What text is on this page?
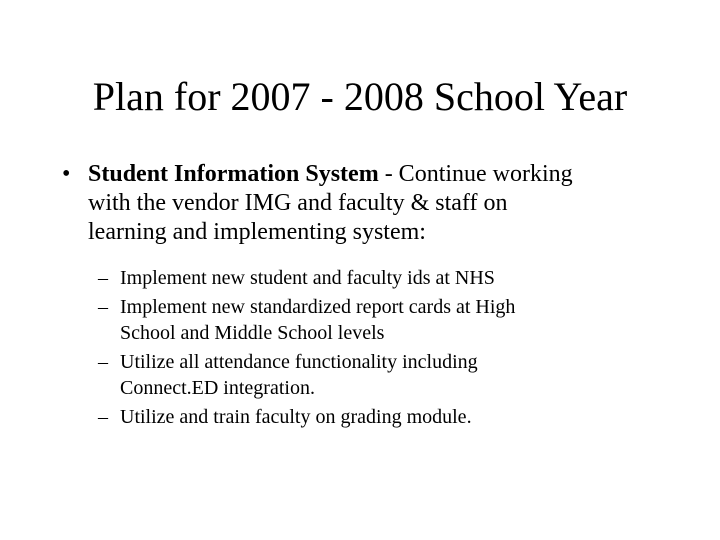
Plan for 2007 - 2008 School Year
• Student Information System - Continue working
with the vendor IMG and faculty & staff on
learning and implementing system:
– Implement new student and faculty ids at NHS
– Implement new standardized report cards at High
School and Middle School levels
– Utilize all attendance functionality including
Connect.ED integration.
– Utilize and train faculty on grading module.
